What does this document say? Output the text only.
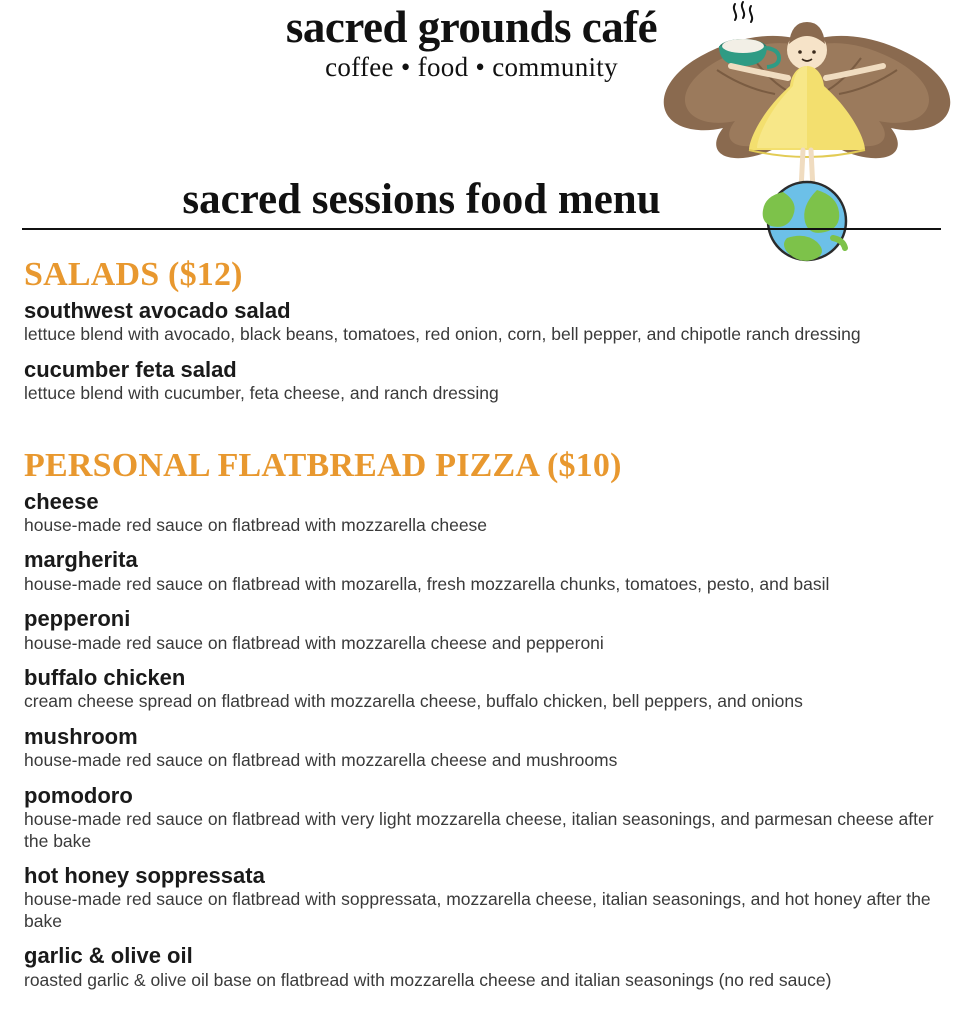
sacred grounds café
coffee • food • community
sacred sessions food menu
SALADS ($12)
southwest avocado salad
lettuce blend with avocado, black beans, tomatoes, red onion, corn, bell pepper, and chipotle ranch dressing
cucumber feta salad
lettuce blend with cucumber, feta cheese, and ranch dressing
PERSONAL FLATBREAD PIZZA ($10)
cheese
house-made red sauce on flatbread with mozzarella cheese
margherita
house-made red sauce on flatbread with mozarella, fresh mozzarella chunks, tomatoes, pesto, and basil
pepperoni
house-made red sauce on flatbread with mozzarella cheese and pepperoni
buffalo chicken
cream cheese spread on flatbread with mozzarella cheese, buffalo chicken, bell peppers, and onions
mushroom
house-made red sauce on flatbread with mozzarella cheese and mushrooms
pomodoro
house-made red sauce on flatbread with very light mozzarella cheese, italian seasonings, and parmesan cheese after the bake
hot honey soppressata
house-made red sauce on flatbread with soppressata, mozzarella cheese, italian seasonings, and hot honey after the bake
garlic & olive oil
roasted garlic & olive oil base on flatbread with mozzarella cheese and italian seasonings (no red sauce)
